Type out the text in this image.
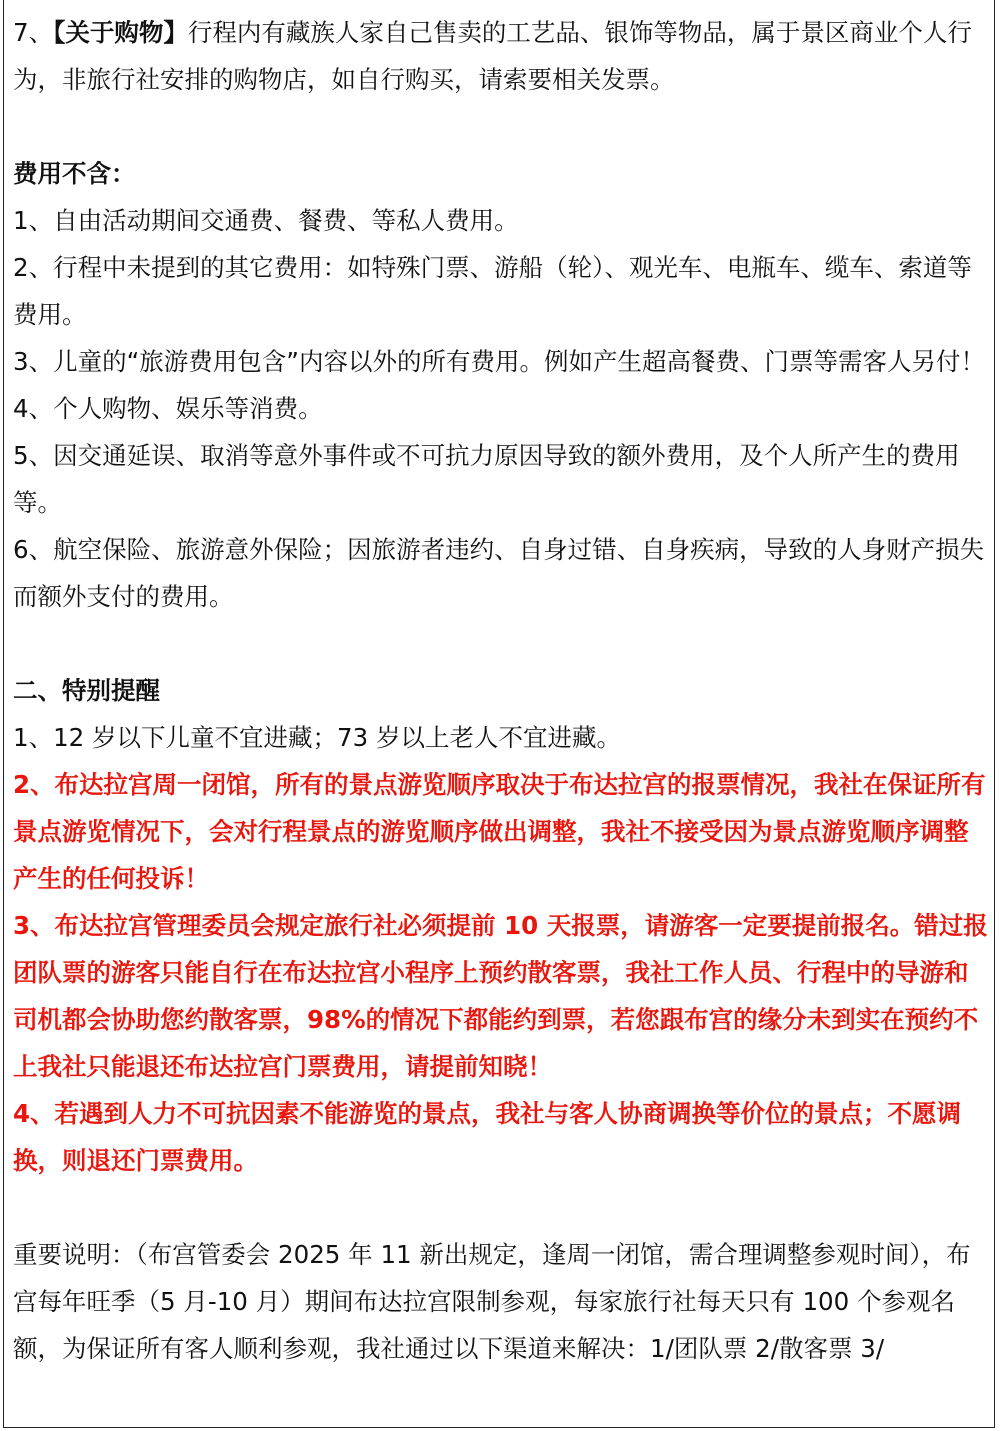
7、【关于购物】行程内有藏族人家自己售卖的工艺品、银饰等物品，属于景区商业个人行为，非旅行社安排的购物店，如自行购买，请索要相关发票。

费用不含：

1、自由活动期间交通费、餐费、等私人费用。

2、行程中未提到的其它费用：如特殊门票、游船（轮）、观光车、电瓶车、缆车、索道等费用。

3、儿童的“旅游费用包含”内容以外的所有费用。例如产生超高餐费、门票等需客人另付！

4、个人购物、娱乐等消费。

5、因交通延误、取消等意外事件或不可抗力原因导致的额外费用，及个人所产生的费用等。

6、航空保险、旅游意外保险；因旅游者违约、自身过错、自身疾病，导致的人身财产损失而额外支付的费用。

二、特别提醒

1、12 岁以下儿童不宜进藏；73 岁以上老人不宜进藏。

2、布达拉宫周一闭馆，所有的景点游览顺序取决于布达拉宫的报票情况，我社在保证所有景点游览情况下，会对行程景点的游览顺序做出调整，我社不接受因为景点游览顺序调整产生的任何投诉！

3、布达拉宫管理委员会规定旅行社必须提前 10 天报票，请游客一定要提前报名。错过报团队票的游客只能自行在布达拉宫小程序上预约散客票，我社工作人员、行程中的导游和司机都会协助您约散客票，98%的情况下都能约到票，若您跟布宫的缘分未到实在预约不上我社只能退还布达拉宫门票费用，请提前知晓！

4、若遇到人力不可抗因素不能游览的景点，我社与客人协商调换等价位的景点；不愿调换，则退还门票费用。

重要说明：（布宫管委会 2025 年 11 新出规定，逢周一闭馆，需合理调整参观时间），布宫每年旺季（5 月-10 月）期间布达拉宫限制参观，每家旅行社每天只有 100 个参观名额，为保证所有客人顺利参观，我社通过以下渠道来解决：1/团队票 2/散客票 3/
